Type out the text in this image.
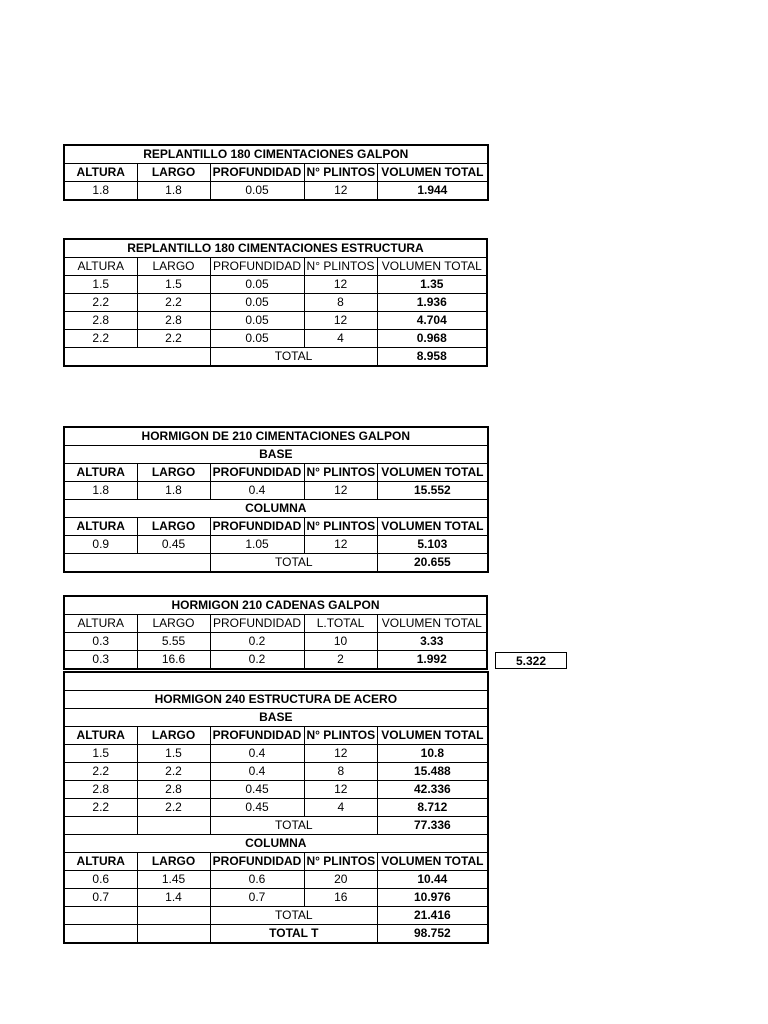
REPLANTILLO 180 CIMENTACIONES GALPON				
ALTURA	LARGO	PROFUNDIDAD	N° PLINTOS	VOLUMEN TOTAL
1.8	1.8	0.05	12	1.944
REPLANTILLO 180 CIMENTACIONES ESTRUCTURA				
ALTURA	LARGO	PROFUNDIDAD	N° PLINTOS	VOLUMEN TOTAL
1.5	1.5	0.05	12	1.35
2.2	2.2	0.05	8	1.936
2.8	2.8	0.05	12	4.704
2.2	2.2	0.05	4	0.968
		TOTAL		8.958
HORMIGON DE 210 CIMENTACIONES GALPON				
BASE				
ALTURA	LARGO	PROFUNDIDAD	N° PLINTOS	VOLUMEN TOTAL
1.8	1.8	0.4	12	15.552
COLUMNA				
ALTURA	LARGO	PROFUNDIDAD	N° PLINTOS	VOLUMEN TOTAL
0.9	0.45	1.05	12	5.103
		TOTAL		20.655
HORMIGON 210 CADENAS GALPON				
ALTURA	LARGO	PROFUNDIDAD	L.TOTAL	VOLUMEN TOTAL
0.3	5.55	0.2	10	3.33
0.3	16.6	0.2	2	1.992	5.322

HORMIGON 240 ESTRUCTURA DE ACERO				
BASE				
ALTURA	LARGO	PROFUNDIDAD	N° PLINTOS	VOLUMEN TOTAL
1.5	1.5	0.4	12	10.8
2.2	2.2	0.4	8	15.488
2.8	2.8	0.45	12	42.336
2.2	2.2	0.45	4	8.712
		TOTAL		77.336
COLUMNA				
ALTURA	LARGO	PROFUNDIDAD	N° PLINTOS	VOLUMEN TOTAL
0.6	1.45	0.6	20	10.44
0.7	1.4	0.7	16	10.976
		TOTAL		21.416
		TOTAL T		98.752
